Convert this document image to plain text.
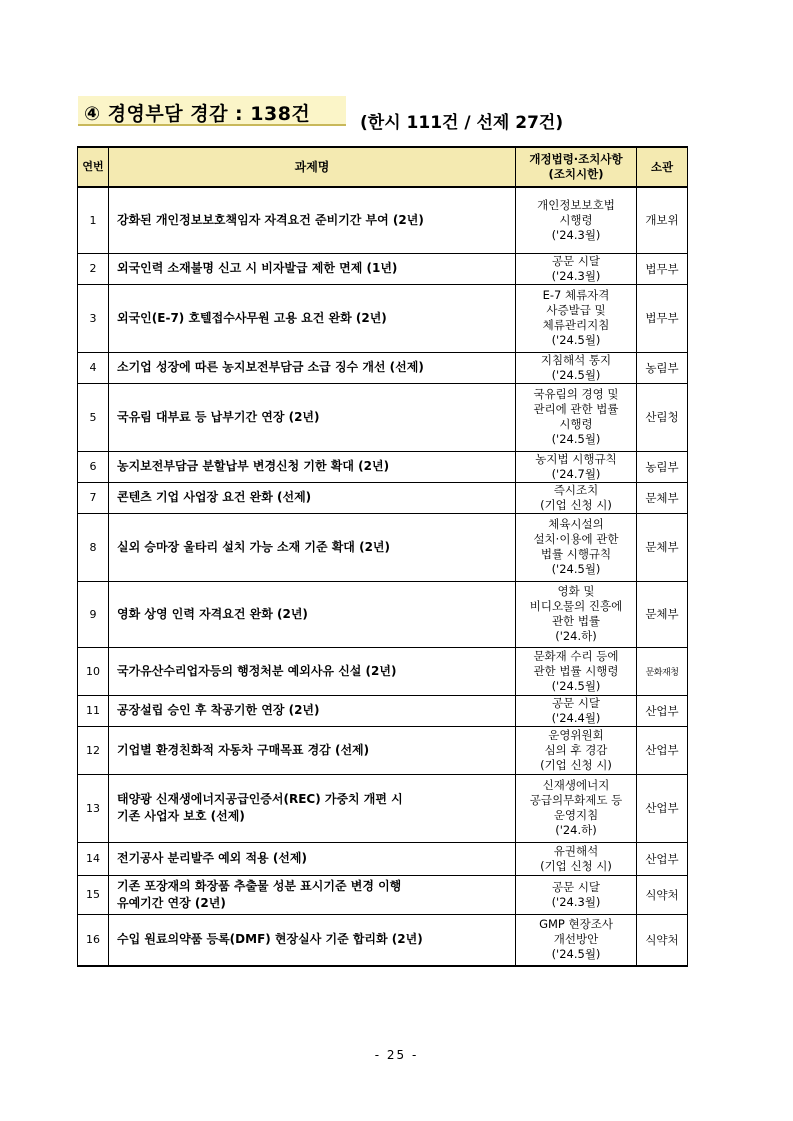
④ 경영부담 경감 : 138건	(한시 111건 / 선제 27건)
연번	과제명	개정법령·조치사항
(조치시한)	소관
1	강화된 개인정보보호책임자 자격요건 준비기간 부여 (2년)	개인정보보호법
시행령
('24.3월)	개보위
2	외국인력 소재불명 신고 시 비자발급 제한 면제 (1년)	공문 시달
('24.3월)	법무부
3	외국인(E-7) 호텔접수사무원 고용 요건 완화 (2년)	E-7 체류자격
사증발급 및
체류관리지침
('24.5월)	법무부
4	소기업 성장에 따른 농지보전부담금 소급 징수 개선 (선제)	지침해석 통지
('24.5월)	농림부
5	국유림 대부료 등 납부기간 연장 (2년)	국유림의 경영 및
관리에 관한 법률
시행령
('24.5월)	산림청
6	농지보전부담금 분할납부 변경신청 기한 확대 (2년)	농지법 시행규칙
('24.7월)	농림부
7	콘텐츠 기업 사업장 요건 완화 (선제)	즉시조치
(기업 신청 시)	문체부
8	실외 승마장 울타리 설치 가능 소재 기준 확대 (2년)	체육시설의
설치·이용에 관한
법률 시행규칙
('24.5월)	문체부
9	영화 상영 인력 자격요건 완화 (2년)	영화 및
비디오물의 진흥에
관한 법률
('24.하)	문체부
10	국가유산수리업자등의 행정처분 예외사유 신설 (2년)	문화재 수리 등에
관한 법률 시행령
('24.5월)	문화재청
11	공장설립 승인 후 착공기한 연장 (2년)	공문 시달
('24.4월)	산업부
12	기업별 환경친화적 자동차 구매목표 경감 (선제)	운영위원회
심의 후 경감
(기업 신청 시)	산업부
13	태양광 신재생에너지공급인증서(REC) 가중치 개편 시
기존 사업자 보호 (선제)	신재생에너지
공급의무화제도 등
운영지침
('24.하)	산업부
14	전기공사 분리발주 예외 적용 (선제)	유권해석
(기업 신청 시)	산업부
15	기존 포장재의 화장품 추출물 성분 표시기준 변경 이행
유예기간 연장 (2년)	공문 시달
('24.3월)	식약처
16	수입 원료의약품 등록(DMF) 현장실사 기준 합리화 (2년)	GMP 현장조사
개선방안
('24.5월)	식약처
- 25 -
